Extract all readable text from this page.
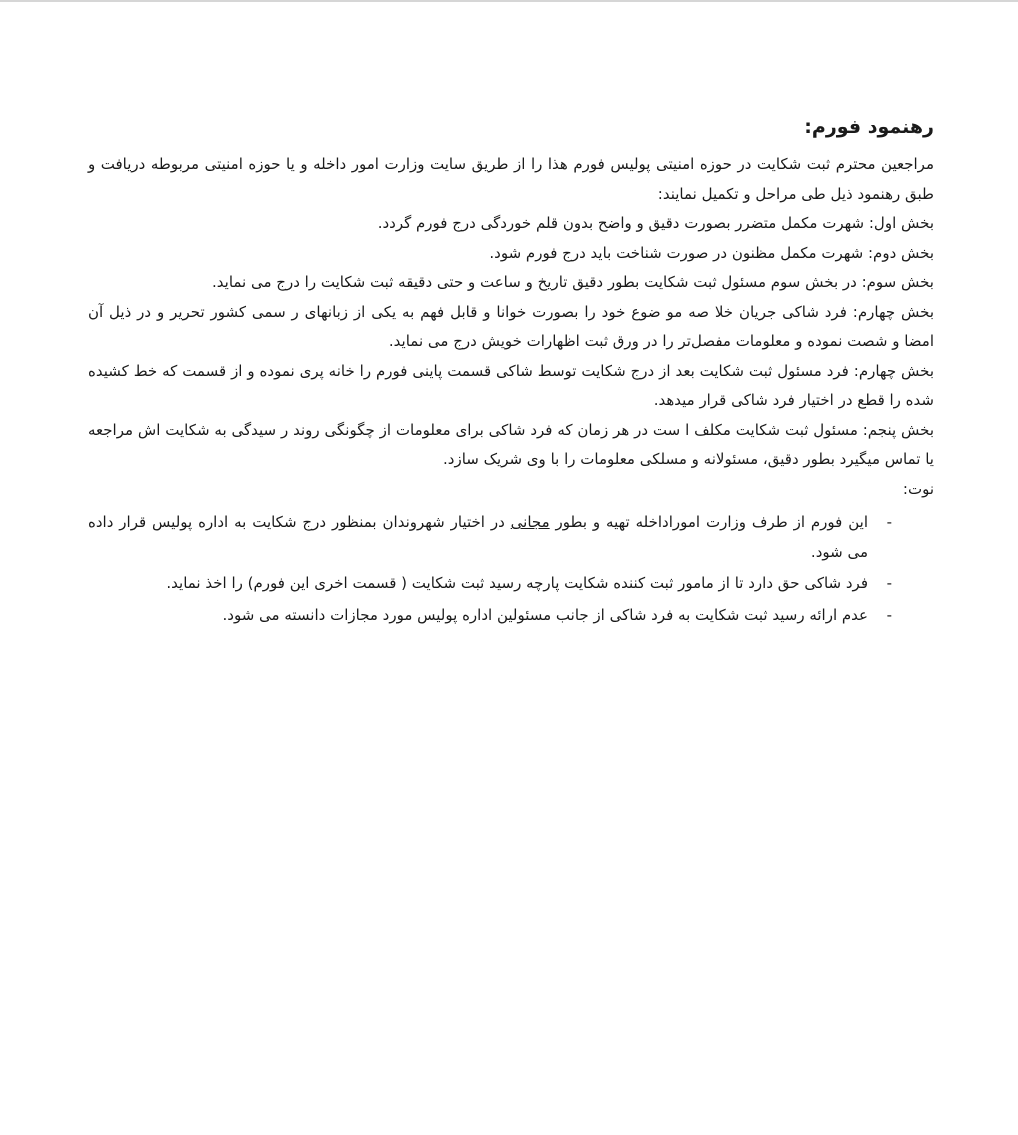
رهنمود فورم:

مراجعین محترم ثبت شکایت در حوزه امنیتی پولیس فورم هذا را از طریق سایت وزارت امور داخله و یا حوزه امنیتی مربوطه دریافت و طبق رهنمود ذیل طی مراحل و تکمیل نمایند:

بخش اول: شهرت مکمل متضرر بصورت دقیق و واضح بدون قلم خوردگی درج فورم گردد.

بخش دوم: شهرت مکمل مظنون در صورت شناخت باید درج فورم شود.

بخش سوم: در بخش سوم مسئول ثبت شکایت بطور دقیق تاریخ و ساعت و حتی دقیقه ثبت شکایت را درج می نماید.

بخش چهارم: فرد شاکی جریان خلا صه مو ضوع خود را بصورت خوانا و قابل فهم به یکی از زبانهای ر سمی کشور تحریر و در ذیل آن امضا و شصت نموده و معلومات مفصل‌تر را در ورق ثبت اظهارات خویش درج می نماید.

بخش چهارم: فرد مسئول ثبت شکایت بعد از درج شکایت توسط شاکی قسمت پاینی فورم را خانه پری نموده و از قسمت که خط کشیده شده را قطع در اختیار فرد شاکی قرار میدهد.

بخش پنجم: مسئول ثبت شکایت مکلف ا ست در هر زمان که فرد شاکی برای معلومات از چگونگی روند ر سیدگی به شکایت اش مراجعه یا تماس میگیرد بطور دقیق، مسئولانه و مسلکی معلومات را با وی شریک سازد.

نوت:

-
این فورم از طرف وزارت اموراداخله تهیه و بطور مجانی در اختیار شهروندان بمنظور درج شکایت به اداره پولیس قرار داده می شود.
-
فرد شاکی حق دارد تا از مامور ثبت کننده شکایت پارچه رسید ثبت شکایت ( قسمت اخری این فورم) را اخذ نماید.
-
عدم ارائه رسید ثبت شکایت به فرد شاکی از جانب مسئولین اداره پولیس مورد مجازات دانسته می شود.
